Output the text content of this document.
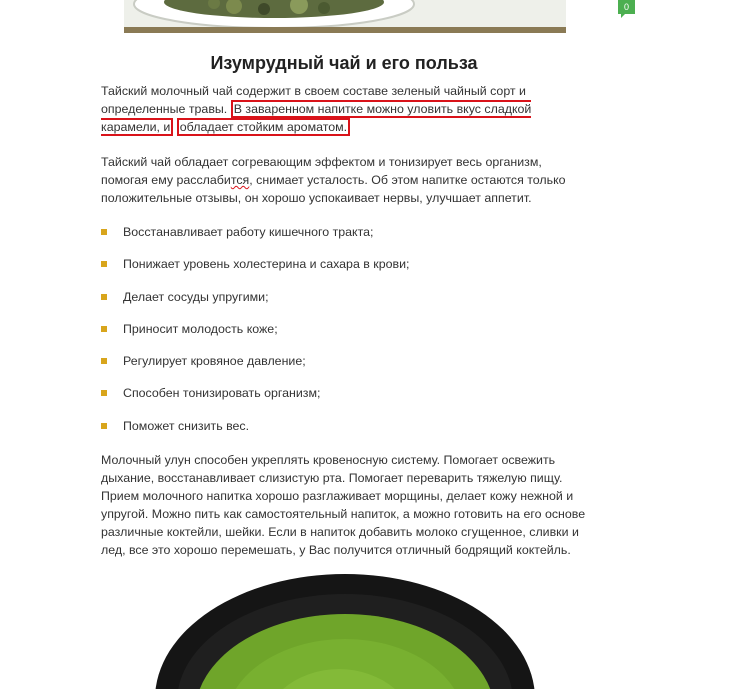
0
Изумрудный чай и его польза

Тайский молочный чай содержит в своем составе зеленый чайный сорт и определенные травы. В заваренном напитке можно уловить вкус сладкой карамели, и обладает стойким ароматом.

Тайский чай обладает согревающим эффектом и тонизирует весь организм, помогая ему расслабится, снимает усталость. Об этом напитке остаются только положительные отзывы, он хорошо успокаивает нервы, улучшает аппетит.

Восстанавливает работу кишечного тракта;
Понижает уровень холестерина и сахара в крови;
Делает сосуды упругими;
Приносит молодость коже;
Регулирует кровяное давление;
Способен тонизировать организм;
Поможет снизить вес.

Молочный улун способен укреплять кровеносную систему. Помогает освежить дыхание, восстанавливает слизистую рта. Помогает переварить тяжелую пищу. Прием молочного напитка хорошо разглаживает морщины, делает кожу нежной и упругой. Можно пить как самостоятельный напиток, а можно готовить на его основе различные коктейли, шейки. Если в напиток добавить молоко сгущенное, сливки и лед, все это хорошо перемешать, у Вас получится отличный бодрящий коктейль.
